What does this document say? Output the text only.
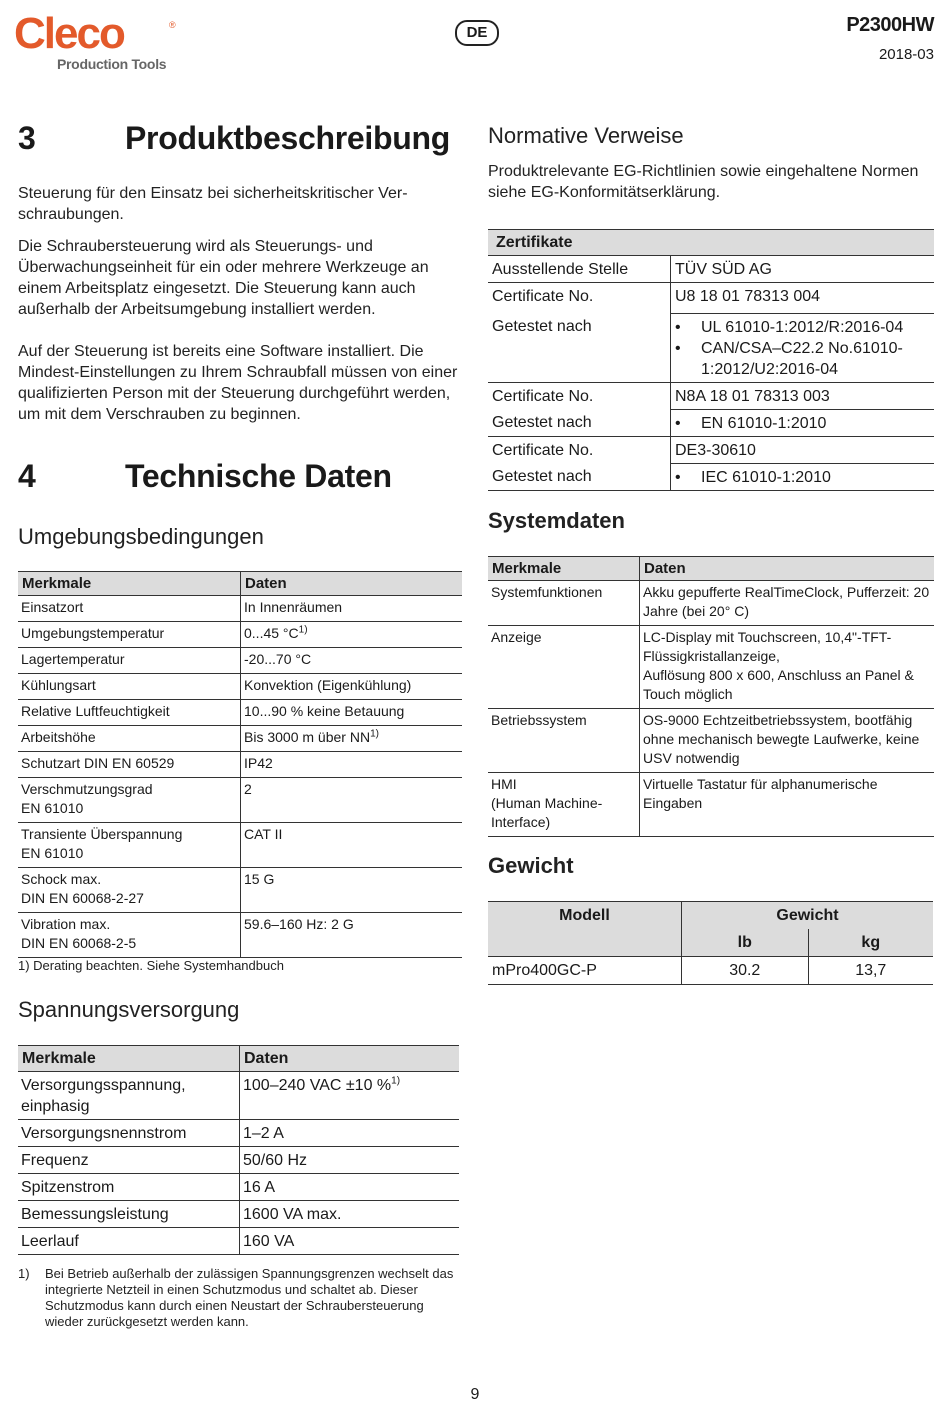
Cleco	®
Production Tools
DE	P2300HW
2018-03
3	Produktbeschreibung
Steuerung für den Einsatz bei sicherheitskritischer Verschraubungen.
Die Schraubersteuerung wird als Steuerungs- und Überwachungseinheit für ein oder mehrere Werkzeuge an einem Arbeitsplatz eingesetzt. Die Steuerung kann auch außerhalb der Arbeitsumgebung installiert werden.
Auf der Steuerung ist bereits eine Software installiert. Die Mindest-Einstellungen zu Ihrem Schraubfall müssen von einer qualifizierten Person mit der Steuerung durchgeführt werden, um mit dem Verschrauben zu beginnen.
4	Technische Daten
Umgebungsbedingungen
Merkmale	Daten
Einsatzort	In Innenräumen
Umgebungstemperatur	0...45 $^\circ C^{1)}$
Lagertemperatur	-20...70 °C
Kühlungsart	Konvektion (Eigenkühlung)
Relative Luftfeuchtigkeit	10...90 % keine Betauung
Arbeitshöhe	Bis 3000 m über NN$^{1)}$
Schutzart DIN EN 60529	IP42
Verschmutzungsgrad
EN 61010	2
Transiente Überspannung
EN 61010	CAT II
Schock max.
DIN EN 60068-2-27	15 G
Vibration max.
DIN EN 60068-2-5	59.6–160 Hz: 2 G
1) Derating beachten. Siehe Systemhandbuch
Spannungsversorgung
Merkmale	Daten
Versorgungsspannung,
einphasig	100–240 VAC ±10 %$^{1)}$
Versorgungsnennstrom	1–2 A
Frequenz	50/60 Hz
Spitzenstrom	16 A
Bemessungsleistung	1600 VA max.
Leerlauf	160 VA
1) Bei Betrieb außerhalb der zulässigen Spannungsgrenzen wechselt das integrierte Netzteil in einen Schutzmodus und schaltet ab. Dieser Schutzmodus kann durch einen Neustart der Schraubersteuerung wieder zurückgesetzt werden kann.
Normative Verweise
Produktrelevante EG-Richtlinien sowie eingehaltene Normen siehe EG-Konformitätserklärung.
Zertifikate	
Ausstellende Stelle	TÜV SÜD AG
Certificate No.	U8 18 01 78313 004
Getestet nach	• UL 61010-1:2012/R:2016-04
• CAN/CSA–C22.2 No.61010-1:2012/U2:2016-04

Certificate No.	N8A 18 01 78313 003
Getestet nach	• EN 61010-1:2010

Certificate No.	DE3-30610
Getestet nach	• IEC 61010-1:2010
Systemdaten
Merkmale	Daten
Systemfunktionen	Akku gepufferte RealTimeClock, Pufferzeit: 20 Jahre (bei 20° C)
Anzeige	LC-Display mit Touchscreen, 10,4"-TFT-Flüssigkristallanzeige,
Auflösung 800 x 600, Anschluss an Panel & Touch möglich
Betriebssystem	OS-9000 Echtzeitbetriebssystem, bootfähig ohne mechanisch bewegte Laufwerke, keine USV notwendig
HMI
(Human Machine-
Interface)	Virtuelle Tastatur für alphanumerische Eingaben
Gewicht
Modell	Gewicht	
	lb	kg
mPro400GC-P	30.2	13,7
9
